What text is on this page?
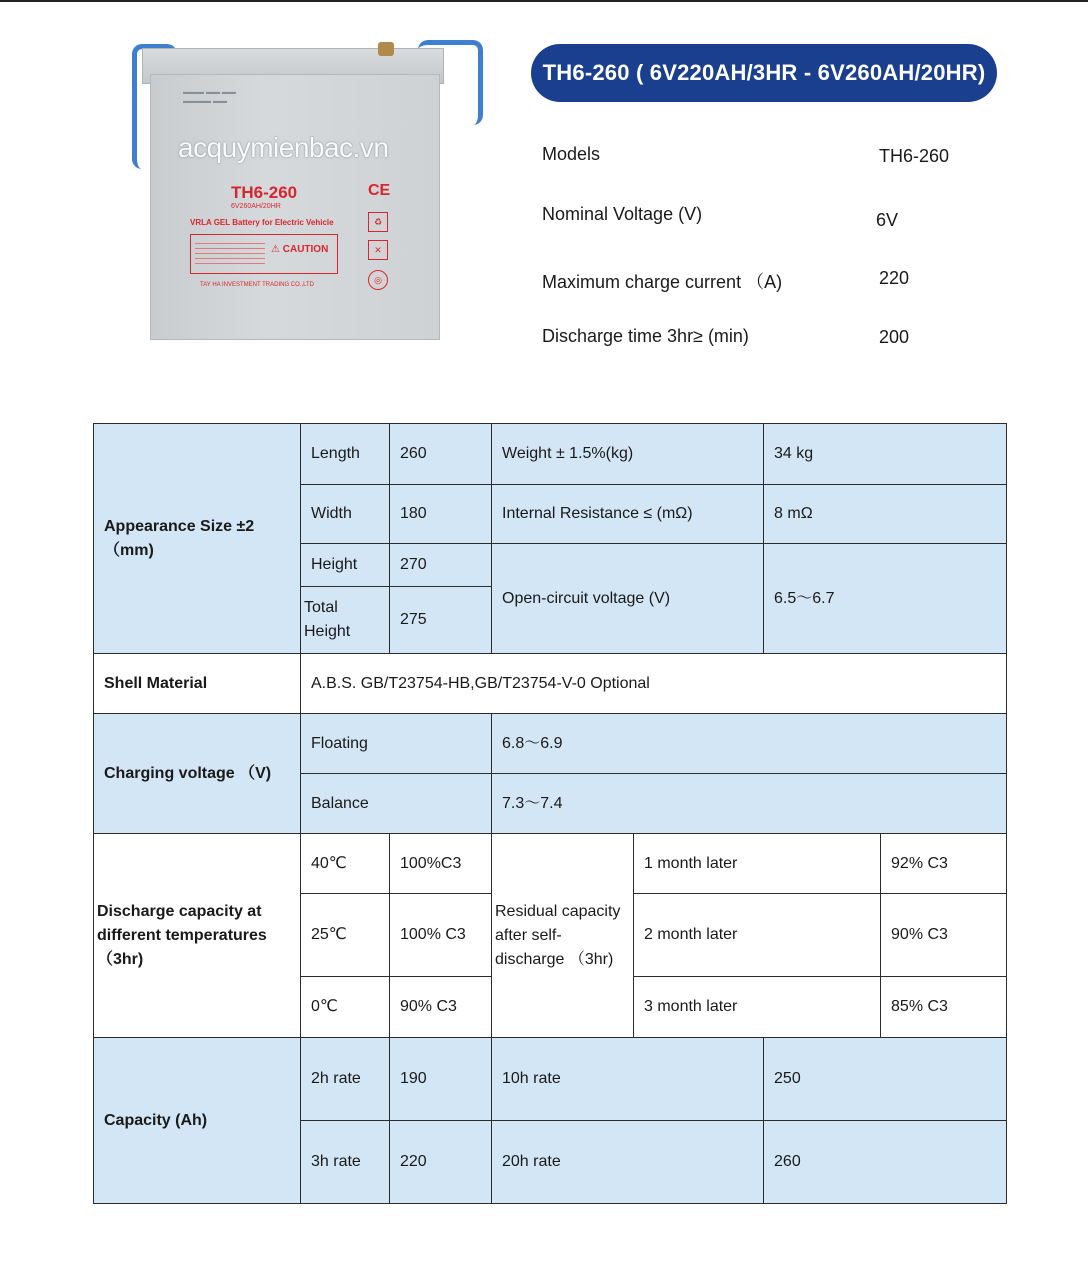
▬▬▬ ▬▬ ▬▬
▬▬▬▬ ▬▬
acquymienbac.vn
TH6-260
6V260AH/20HR
VRLA GEL Battery for Electric Vehicle
⚠ CAUTION
TAY HA INVESTMENT TRADING CO.,LTD
CE
♻
✕
◎
TH6-260 ( 6V220AH/3HR - 6V260AH/20HR)
Models	TH6-260
Nominal Voltage (V)	6V
Maximum charge current （A)	220
Discharge time 3hr≥ (min)	200
Appearance Size ±2（mm)	Length	260	Weight ± 1.5%(kg)		34 kg	
	Width	180	Internal Resistance ≤ (mΩ)		8 mΩ	
	Height	270	Open-circuit voltage (V)		6.5～6.7	
	Total Height	275				
Shell Material	A.B.S. GB/T23754-HB,GB/T23754-V-0 Optional					
Charging voltage （V)	Floating		6.8～6.9			
	Balance		7.3～7.4			
Discharge capacity at different temperatures （3hr)	40℃	100%C3	Residual capacity after self-discharge （3hr)	1 month later		92% C3
	25℃	100% C3		2 month later		90% C3
	0℃	90% C3		3 month later		85% C3
Capacity (Ah)	2h rate	190	10h rate		250	
	3h rate	220	20h rate		260	
